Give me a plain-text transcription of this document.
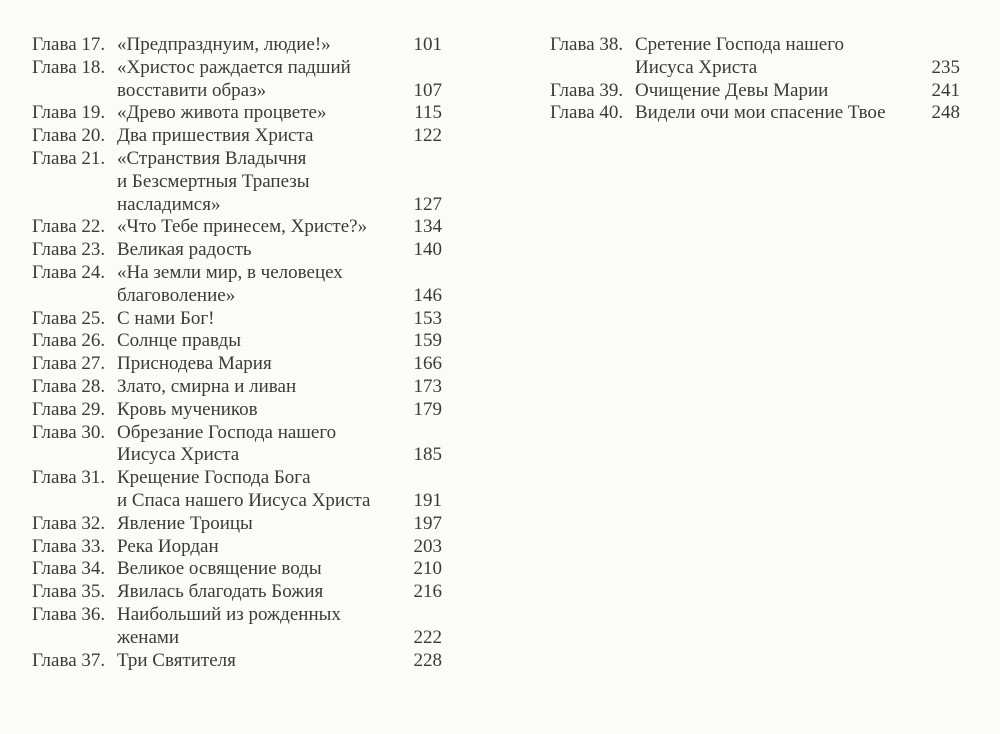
Глава 17. «Предпразднуим, людие!»	101
Глава 18. «Христос раждается падший
восставити образ»	107
Глава 19. «Древо живота процвете»	115
Глава 20. Два пришествия Христа	122
Глава 21. «Странствия Владычня
и Безсмертныя Трапезы
насладимся»	127
Глава 22. «Что Тебе принесем, Христе?»	134
Глава 23. Великая радость	140
Глава 24. «На земли мир, в человецех
благоволение»	146
Глава 25. С нами Бог!	153
Глава 26. Солнце правды	159
Глава 27. Приснодева Мария	166
Глава 28. Злато, смирна и ливан	173
Глава 29. Кровь мучеников	179
Глава 30. Обрезание Господа нашего
Иисуса Христа	185
Глава 31. Крещение Господа Бога
и Спаса нашего Иисуса Христа	191
Глава 32. Явление Троицы	197
Глава 33. Река Иордан	203
Глава 34. Великое освящение воды	210
Глава 35. Явилась благодать Божия	216
Глава 36. Наибольший из рожденных
женами	222
Глава 37. Три Святителя	228
Глава 38. Сретение Господа нашего
Иисуса Христа	235
Глава 39. Очищение Девы Марии	241
Глава 40. Видели очи мои спасение Твое	248
